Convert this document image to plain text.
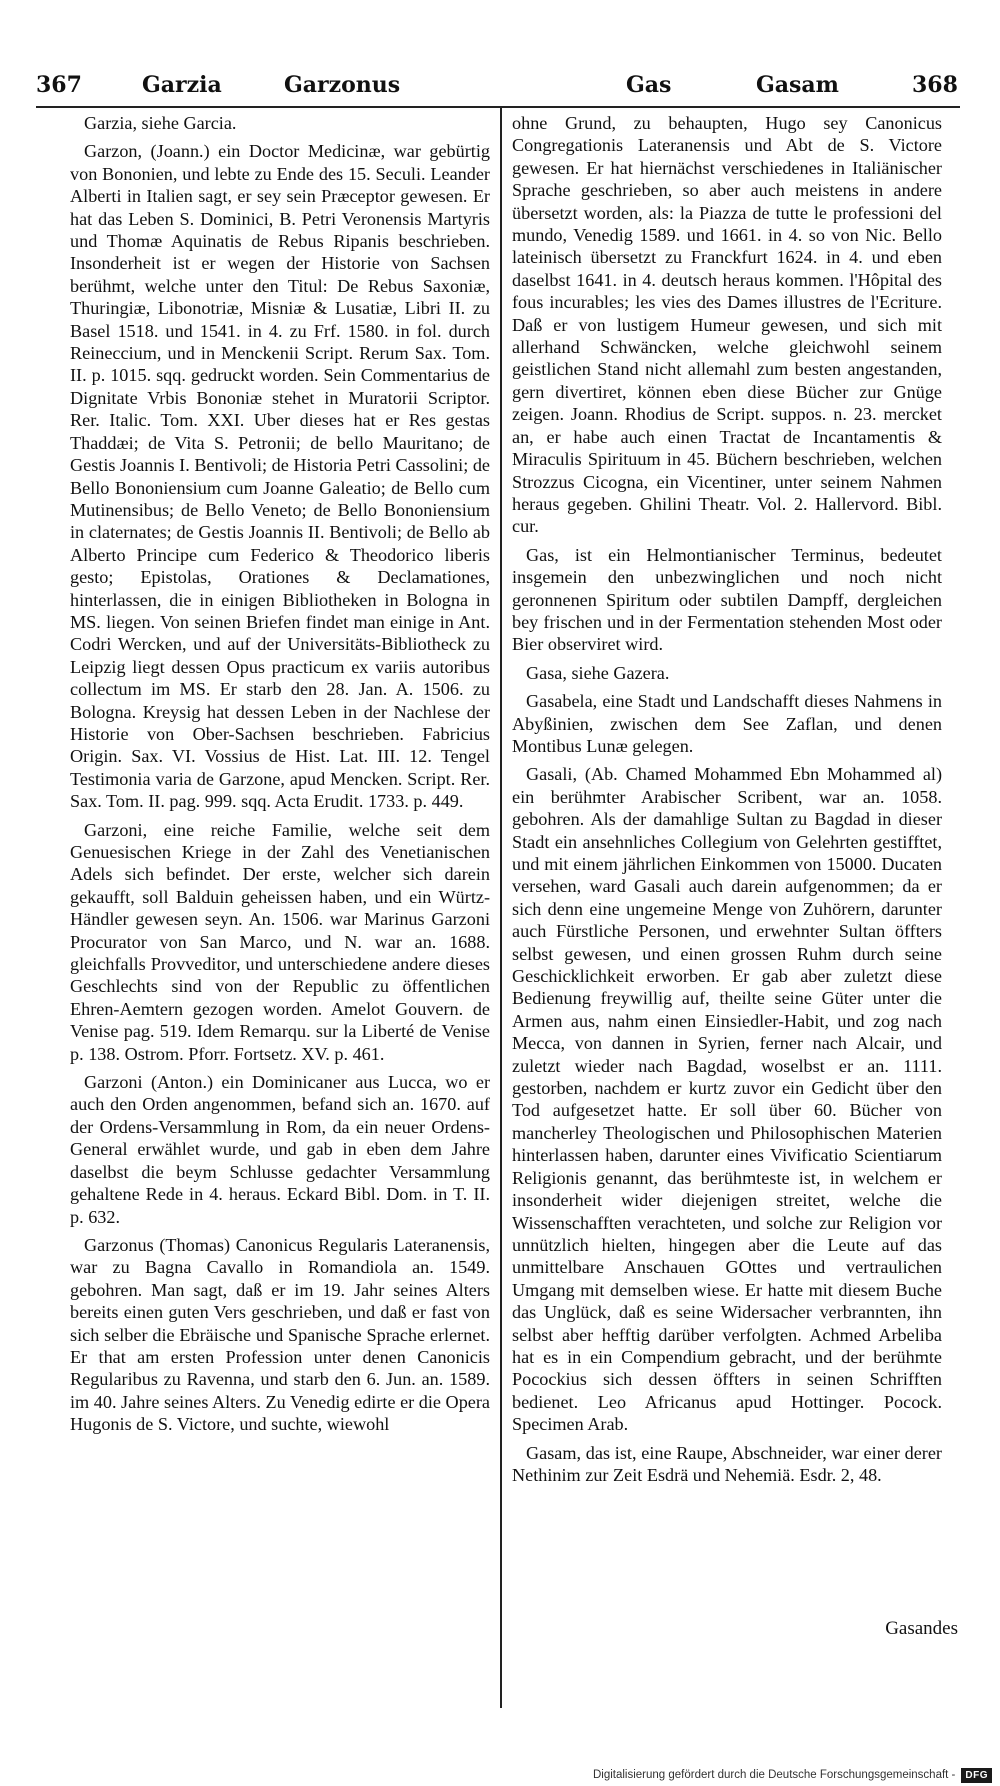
367	Garzia	Garzonus	Gas	Gasam	368

Garzia, siehe Garcia.

Garzon, (Joann.) ein Doctor Medicinæ, war gebürtig von Bononien, und lebte zu Ende des 15. Seculi. Leander Alberti in Italien sagt, er sey sein Præceptor gewesen. Er hat das Leben S. Dominici, B. Petri Veronensis Martyris und Thomæ Aquinatis de Rebus Ripanis beschrieben. Insonderheit ist er wegen der Historie von Sachsen berühmt, welche unter den Titul: De Rebus Saxoniæ, Thuringiæ, Libonotriæ, Misniæ & Lusatiæ, Libri II. zu Basel 1518. und 1541. in 4. zu Frf. 1580. in fol. durch Reineccium, und in Menckenii Script. Rerum Sax. Tom. II. p. 1015. sqq. gedruckt worden. Sein Commentarius de Dignitate Vrbis Bononiæ stehet in Muratorii Scriptor. Rer. Italic. Tom. XXI. Uber dieses hat er Res gestas Thaddæi; de Vita S. Petronii; de bello Mauritano; de Gestis Joannis I. Bentivoli; de Historia Petri Cassolini; de Bello Bononiensium cum Joanne Galeatio; de Bello cum Mutinensibus; de Bello Veneto; de Bello Bononiensium in claternates; de Gestis Joannis II. Bentivoli; de Bello ab Alberto Principe cum Federico & Theodorico liberis gesto; Epistolas, Orationes & Declamationes, hinterlassen, die in einigen Bibliotheken in Bologna in MS. liegen. Von seinen Briefen findet man einige in Ant. Codri Wercken, und auf der Universitäts-Bibliotheck zu Leipzig liegt dessen Opus practicum ex variis autoribus collectum im MS. Er starb den 28. Jan. A. 1506. zu Bologna. Kreysig hat dessen Leben in der Nachlese der Historie von Ober-Sachsen beschrieben. Fabricius Origin. Sax. VI. Vossius de Hist. Lat. III. 12. Tengel Testimonia varia de Garzone, apud Mencken. Script. Rer. Sax. Tom. II. pag. 999. sqq. Acta Erudit. 1733. p. 449.

Garzoni, eine reiche Familie, welche seit dem Genuesischen Kriege in der Zahl des Venetianischen Adels sich befindet. Der erste, welcher sich darein gekaufft, soll Balduin geheissen haben, und ein Würtz-Händler gewesen seyn. An. 1506. war Marinus Garzoni Procurator von San Marco, und N. war an. 1688. gleichfalls Provveditor, und unterschiedene andere dieses Geschlechts sind von der Republic zu öffentlichen Ehren-Aemtern gezogen worden. Amelot Gouvern. de Venise pag. 519. Idem Remarqu. sur la Liberté de Venise p. 138. Ostrom. Pforr. Fortsetz. XV. p. 461.

Garzoni (Anton.) ein Dominicaner aus Lucca, wo er auch den Orden angenommen, befand sich an. 1670. auf der Ordens-Versammlung in Rom, da ein neuer Ordens-General erwählet wurde, und gab in eben dem Jahre daselbst die beym Schlusse gedachter Versammlung gehaltene Rede in 4. heraus. Eckard Bibl. Dom. in T. II. p. 632.

Garzonus (Thomas) Canonicus Regularis Lateranensis, war zu Bagna Cavallo in Romandiola an. 1549. gebohren. Man sagt, daß er im 19. Jahr seines Alters bereits einen guten Vers geschrieben, und daß er fast von sich selber die Ebräische und Spanische Sprache erlernet. Er that am ersten Profession unter denen Canonicis Regularibus zu Ravenna, und starb den 6. Jun. an. 1589. im 40. Jahre seines Alters. Zu Venedig edirte er die Opera Hugonis de S. Victore, und suchte, wiewohl

ohne Grund, zu behaupten, Hugo sey Canonicus Congregationis Lateranensis und Abt de S. Victore gewesen. Er hat hiernächst verschiedenes in Italiänischer Sprache geschrieben, so aber auch meistens in andere übersetzt worden, als: la Piazza de tutte le professioni del mundo, Venedig 1589. und 1661. in 4. so von Nic. Bello lateinisch übersetzt zu Franckfurt 1624. in 4. und eben daselbst 1641. in 4. deutsch heraus kommen. l'Hôpital des fous incurables; les vies des Dames illustres de l'Ecriture. Daß er von lustigem Humeur gewesen, und sich mit allerhand Schwäncken, welche gleichwohl seinem geistlichen Stand nicht allemahl zum besten angestanden, gern divertiret, können eben diese Bücher zur Gnüge zeigen. Joann. Rhodius de Script. suppos. n. 23. mercket an, er habe auch einen Tractat de Incantamentis & Miraculis Spirituum in 45. Büchern beschrieben, welchen Strozzus Cicogna, ein Vicentiner, unter seinem Nahmen heraus gegeben. Ghilini Theatr. Vol. 2. Hallervord. Bibl. cur.

Gas, ist ein Helmontianischer Terminus, bedeutet insgemein den unbezwinglichen und noch nicht geronnenen Spiritum oder subtilen Dampff, dergleichen bey frischen und in der Fermentation stehenden Most oder Bier observiret wird.

Gasa, siehe Gazera.

Gasabela, eine Stadt und Landschafft dieses Nahmens in Abyßinien, zwischen dem See Zaflan, und denen Montibus Lunæ gelegen.

Gasali, (Ab. Chamed Mohammed Ebn Mohammed al) ein berühmter Arabischer Scribent, war an. 1058. gebohren. Als der damahlige Sultan zu Bagdad in dieser Stadt ein ansehnliches Collegium von Gelehrten gestifftet, und mit einem jährlichen Einkommen von 15000. Ducaten versehen, ward Gasali auch darein aufgenommen; da er sich denn eine ungemeine Menge von Zuhörern, darunter auch Fürstliche Personen, und erwehnter Sultan öffters selbst gewesen, und einen grossen Ruhm durch seine Geschicklichkeit erworben. Er gab aber zuletzt diese Bedienung freywillig auf, theilte seine Güter unter die Armen aus, nahm einen Einsiedler-Habit, und zog nach Mecca, von dannen in Syrien, ferner nach Alcair, und zuletzt wieder nach Bagdad, woselbst er an. 1111. gestorben, nachdem er kurtz zuvor ein Gedicht über den Tod aufgesetzet hatte. Er soll über 60. Bücher von mancherley Theologischen und Philosophischen Materien hinterlassen haben, darunter eines Vivificatio Scientiarum Religionis genannt, das berühmteste ist, in welchem er insonderheit wider diejenigen streitet, welche die Wissenschafften verachteten, und solche zur Religion vor unnützlich hielten, hingegen aber die Leute auf das unmittelbare Anschauen GOttes und vertraulichen Umgang mit demselben wiese. Er hatte mit diesem Buche das Unglück, daß es seine Widersacher verbrannten, ihn selbst aber hefftig darüber verfolgten. Achmed Arbeliba hat es in ein Compendium gebracht, und der berühmte Pocockius sich dessen öffters in seinen Schrifften bedienet. Leo Africanus apud Hottinger. Pocock. Specimen Arab.

Gasam, das ist, eine Raupe, Abschneider, war einer derer Nethinim zur Zeit Esdrä und Nehemiä. Esdr. 2, 48.

Gasandes
Digitalisierung gefördert durch die Deutsche Forschungsgemeinschaft -	DFG
